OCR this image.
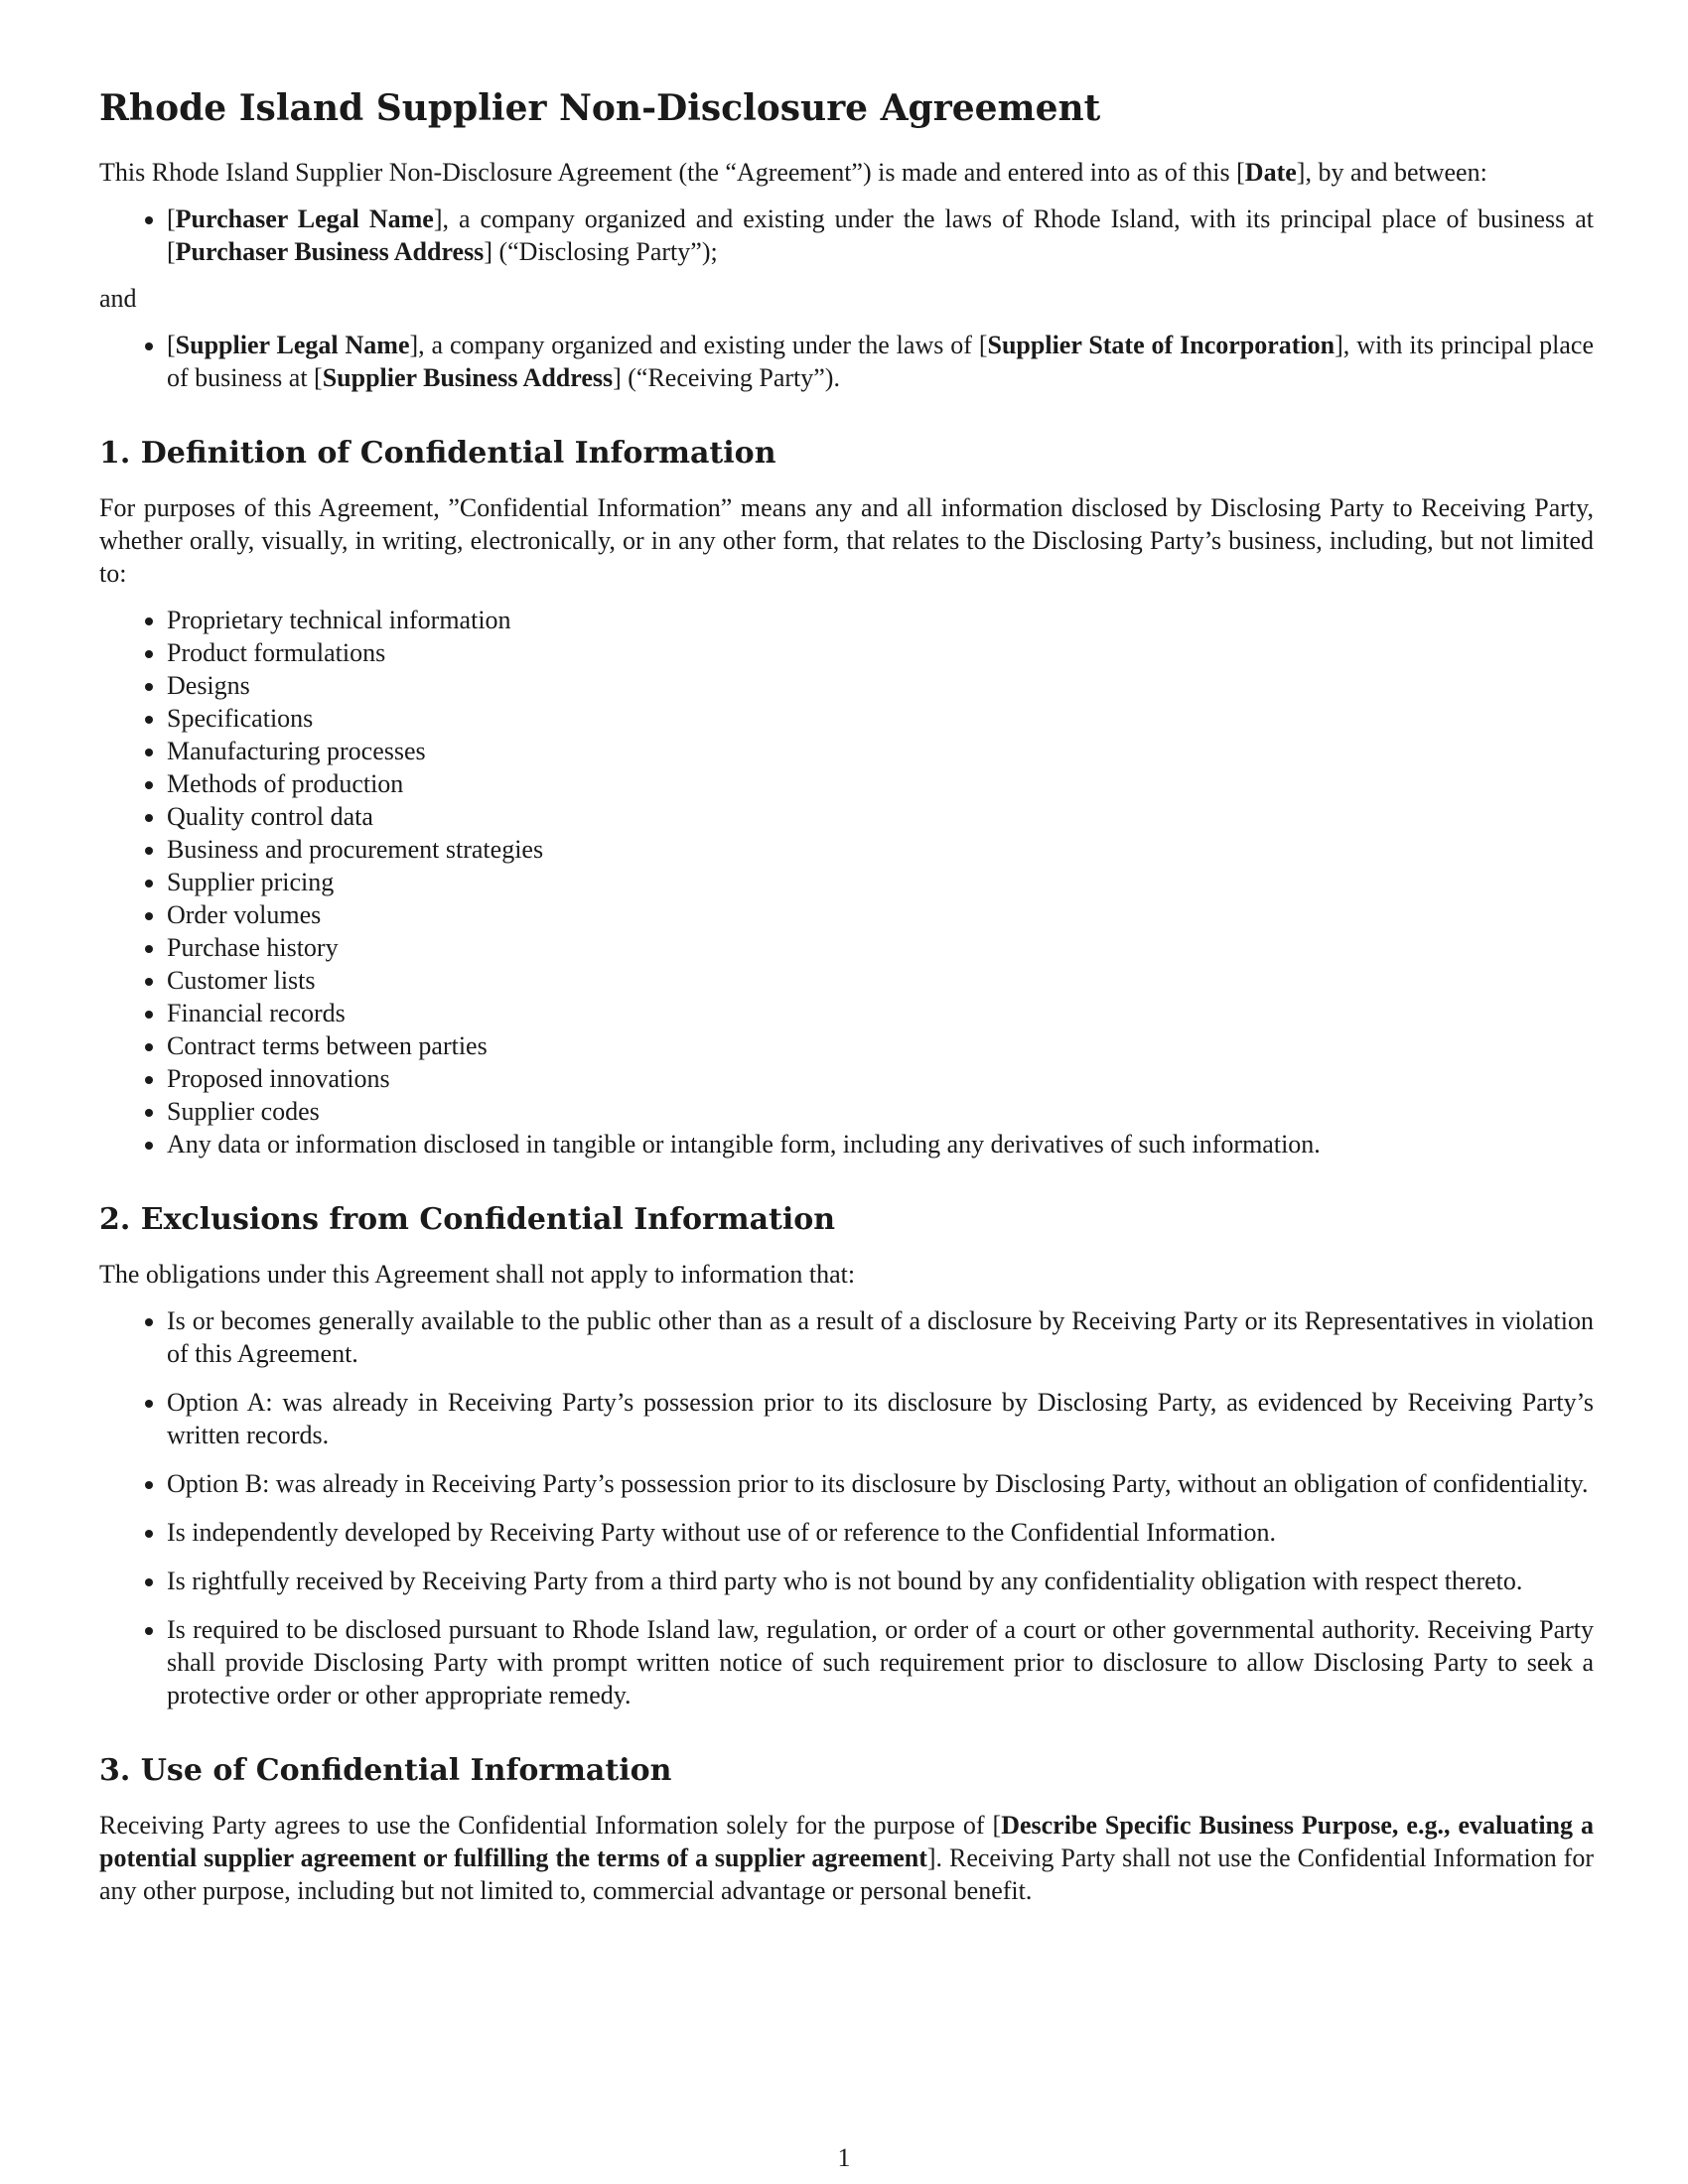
Rhode Island Supplier Non-Disclosure Agreement

This Rhode Island Supplier Non-Disclosure Agreement (the “Agreement”) is made and entered into as of this [Date], by and between:

• [Purchaser Legal Name], a company organized and existing under the laws of Rhode Island, with its principal place of business at [Purchaser Business Address] (“Disclosing Party”);

and

• [Supplier Legal Name], a company organized and existing under the laws of [Supplier State of Incorporation], with its principal place of business at [Supplier Business Address] (“Receiving Party”).
1. Definition of Confidential Information

For purposes of this Agreement, ”Confidential Information” means any and all information disclosed by Disclosing Party to Receiving Party, whether orally, visually, in writing, electronically, or in any other form, that relates to the Disclosing Party’s business, including, but not limited to:

• Proprietary technical information
• Product formulations
• Designs
• Specifications
• Manufacturing processes
• Methods of production
• Quality control data
• Business and procurement strategies
• Supplier pricing
• Order volumes
• Purchase history
• Customer lists
• Financial records
• Contract terms between parties
• Proposed innovations
• Supplier codes
• Any data or information disclosed in tangible or intangible form, including any derivatives of such information.
2. Exclusions from Confidential Information

The obligations under this Agreement shall not apply to information that:

• Is or becomes generally available to the public other than as a result of a disclosure by Receiving Party or its Representatives in violation of this Agreement.
• Option A: was already in Receiving Party’s possession prior to its disclosure by Disclosing Party, as evidenced by Receiving Party’s written records.
• Option B: was already in Receiving Party’s possession prior to its disclosure by Disclosing Party, without an obligation of confidentiality.
• Is independently developed by Receiving Party without use of or reference to the Confidential Information.
• Is rightfully received by Receiving Party from a third party who is not bound by any confidentiality obligation with respect thereto.
• Is required to be disclosed pursuant to Rhode Island law, regulation, or order of a court or other governmental authority. Receiving Party shall provide Disclosing Party with prompt written notice of such requirement prior to disclosure to allow Disclosing Party to seek a protective order or other appropriate remedy.
3. Use of Confidential Information

Receiving Party agrees to use the Confidential Information solely for the purpose of [Describe Specific Business Purpose, e.g., evaluating a potential supplier agreement or fulfilling the terms of a supplier agreement]. Receiving Party shall not use the Confidential Information for any other purpose, including but not limited to, commercial advantage or personal benefit.

1
